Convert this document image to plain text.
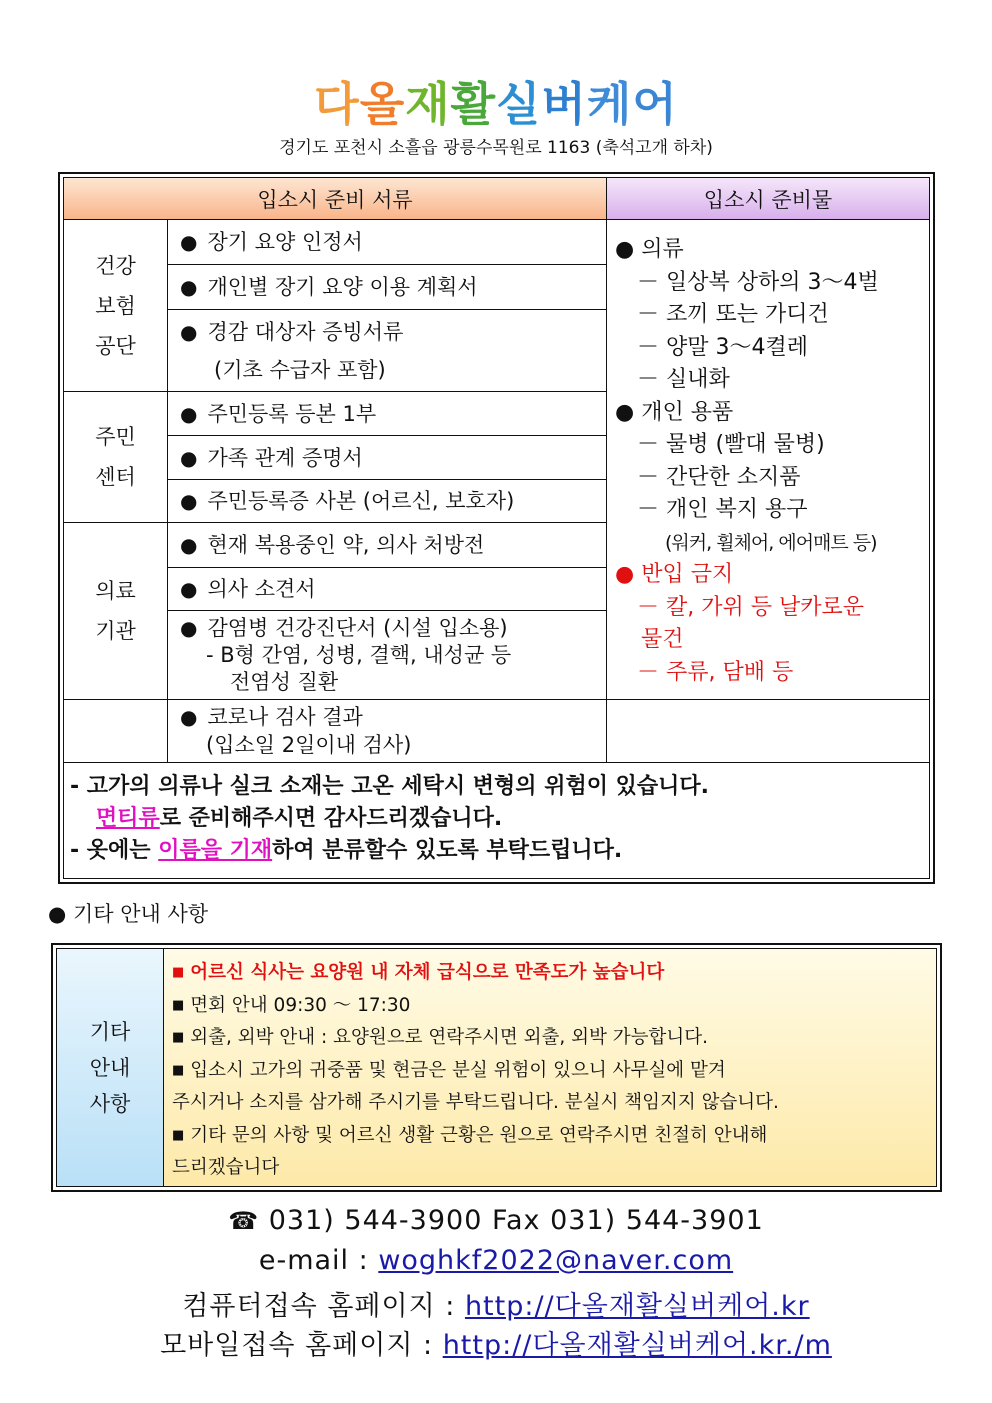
다올재활실버케어
경기도 포천시 소흘읍 광릉수목원로 1163 (축석고개 하차)
입소시 준비 서류	입소시 준비물
건강
보험
공단
● 장기 요양 인정서
● 개인별 장기 요양 이용 계획서
● 경감 대상자 증빙서류
(기초 수급자 포함)
주민
센터
● 주민등록 등본 1부
● 가족 관계 증명서
● 주민등록증 사본 (어르신, 보호자)
의료
기관
● 현재 복용중인 약, 의사 처방전
● 의사 소견서
● 감염병 건강진단서 (시설 입소용)
- B형 간염, 성병, 결핵, 내성균 등
전염성 질환
● 코로나 검사 결과
(입소일 2일이내 검사)
● 의류
－ 일상복 상하의 3～4벌
－ 조끼 또는 가디건
－ 양말 3～4켤레
－ 실내화
● 개인 용품
－ 물병 (빨대 물병)
－ 간단한 소지품
－ 개인 복지 용구
(워커, 휠체어, 에어매트 등)
● 반입 금지
－ 칼, 가위 등 날카로운
물건
－ 주류, 담배 등
- 고가의 의류나 실크 소재는 고온 세탁시 변형의 위험이 있습니다.
면티류로 준비해주시면 감사드리겠습니다.
- 옷에는 이름을 기재하여 분류할수 있도록 부탁드립니다.
● 기타 안내 사항
기타
안내
사항
■ 어르신 식사는 요양원 내 자체 급식으로 만족도가 높습니다
■ 면회 안내 09:30 ～ 17:30
■ 외출, 외박 안내 : 요양원으로 연락주시면 외출, 외박 가능합니다.
■ 입소시 고가의 귀중품 및 현금은 분실 위험이 있으니 사무실에 맡겨
주시거나 소지를 삼가해 주시기를 부탁드립니다. 분실시 책임지지 않습니다.
■ 기타 문의 사항 및 어르신 생활 근황은 원으로 연락주시면 친절히 안내해
드리겠습니다
☎ 031) 544-3900 Fax 031) 544-3901
e-mail : woghkf2022@naver.com
컴퓨터접속 홈페이지 : http://다올재활실버케어.kr
모바일접속 홈페이지 : http://다올재활실버케어.kr./m
